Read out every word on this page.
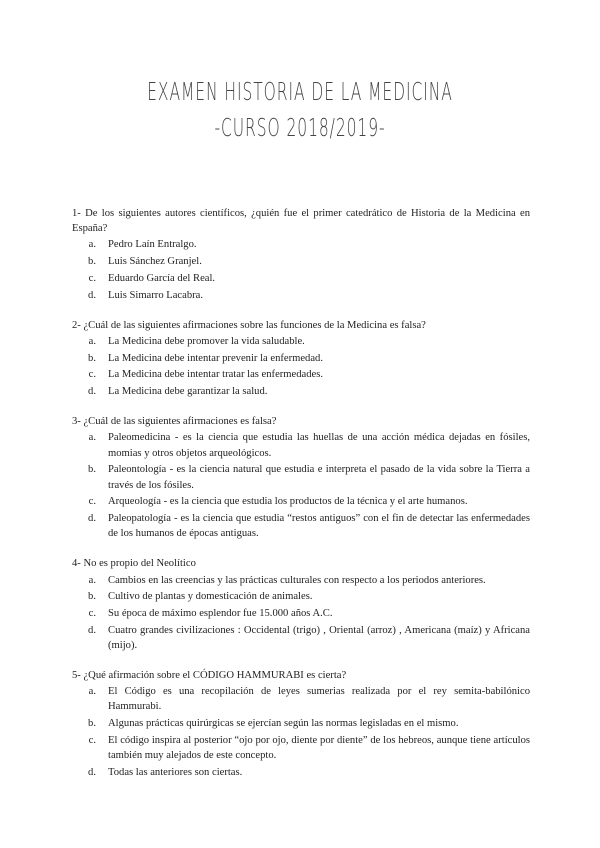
EXAMEN HISTORIA DE LA MEDICINA
-CURSO 2018/2019-
1- De los siguientes autores científicos, ¿quién fue el primer catedrático de Historia de la Medicina en España?
a.	Pedro Laín Entralgo.
b.	Luis Sánchez Granjel.
c.	Eduardo García del Real.
d.	Luis Simarro Lacabra.
2- ¿Cuál de las siguientes afirmaciones sobre las funciones de la Medicina es falsa?
a.	La Medicina debe promover la vida saludable.
b.	La Medicina debe intentar prevenir la enfermedad.
c.	La Medicina debe intentar tratar las enfermedades.
d.	La Medicina debe garantizar la salud.
3- ¿Cuál de las siguientes afirmaciones es falsa?
a.	Paleomedicina - es la ciencia que estudia las huellas de una acción médica dejadas en fósiles, momias y otros objetos arqueológicos.
b.	Paleontología - es la ciencia natural que estudia e interpreta el pasado de la vida sobre la Tierra a través de los fósiles.
c.	Arqueología - es la ciencia que estudia los productos de la técnica y el arte humanos.
d.	Paleopatología - es la ciencia que estudia “restos antiguos” con el fin de detectar las enfermedades de los humanos de épocas antiguas.
4- No es propio del Neolítico
a.	Cambios en las creencias y las prácticas culturales con respecto a los periodos anteriores.
b.	Cultivo de plantas y domesticación de animales.
c.	Su época de máximo esplendor fue 15.000 años A.C.
d.	Cuatro grandes civilizaciones : Occidental (trigo) , Oriental (arroz) , Americana (maíz) y Africana (mijo).
5- ¿Qué afirmación sobre el CÓDIGO HAMMURABI es cierta?
a.	El Código es una recopilación de leyes sumerias realizada por el rey semita-babilónico Hammurabi.
b.	Algunas prácticas quirúrgicas se ejercían según las normas legisladas en el mismo.
c.	El código inspira al posterior “ojo por ojo, diente por diente” de los hebreos, aunque tiene artículos también muy alejados de este concepto.
d.	Todas las anteriores son ciertas.
